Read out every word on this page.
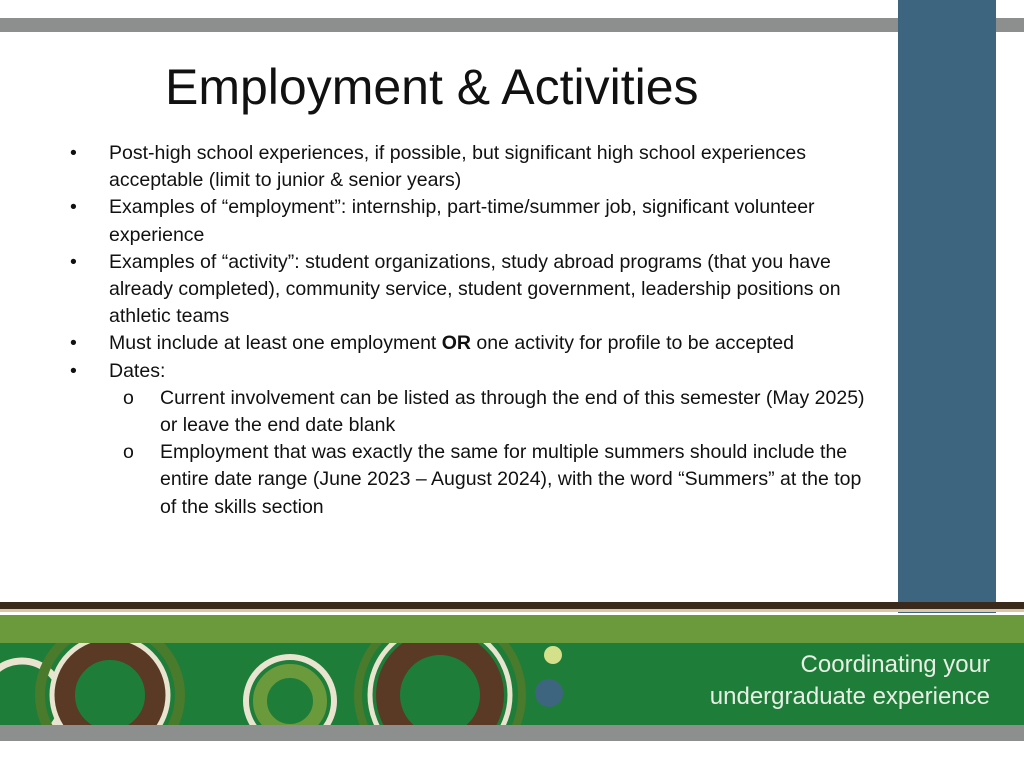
Employment & Activities
•	Post-high school experiences, if possible, but significant high school experiences acceptable (limit to junior & senior years)
•	Examples of “employment”: internship, part-time/summer job, significant volunteer experience
•	Examples of “activity”: student organizations, study abroad programs (that you have already completed), community service, student government, leadership positions on athletic teams
•	Must include at least one employment OR one activity for profile to be accepted
•	Dates:
o Current involvement can be listed as through the end of this semester (May 2025) or leave the end date blank
o Employment that was exactly the same for multiple summers should include the entire date range (June 2023 – August 2024), with the word “Summers” at the top of the skills section
Coordinating your
undergraduate experience
